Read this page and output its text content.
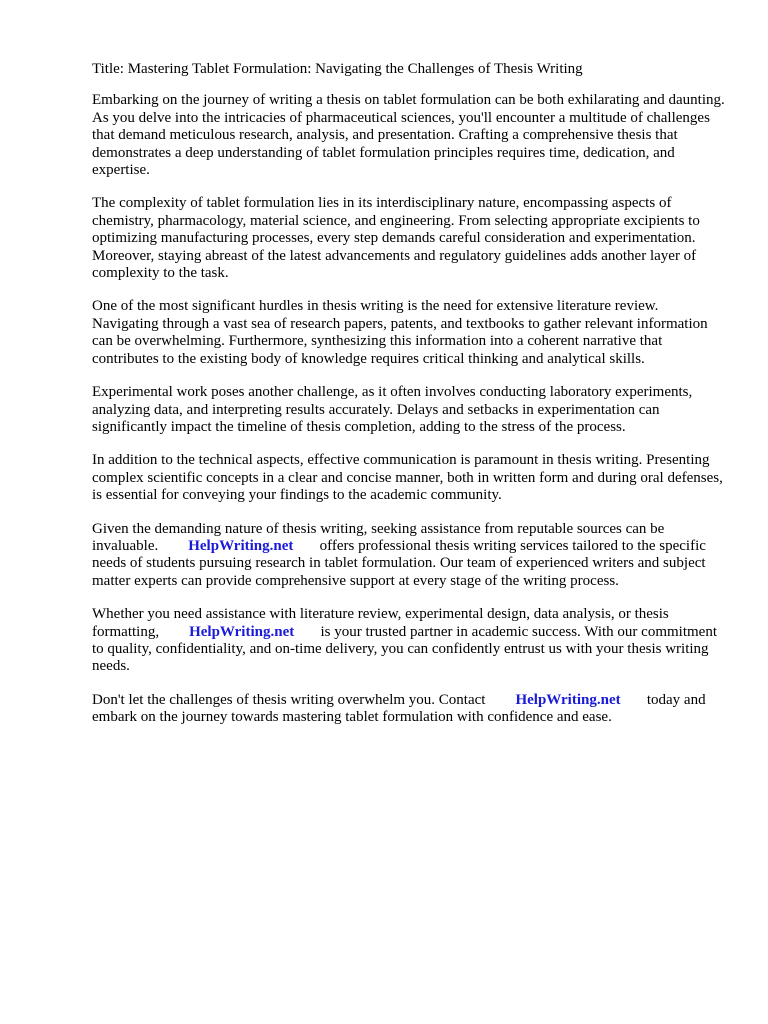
Title: Mastering Tablet Formulation: Navigating the Challenges of Thesis Writing

Embarking on the journey of writing a thesis on tablet formulation can be both exhilarating and daunting. As you delve into the intricacies of pharmaceutical sciences, you'll encounter a multitude of challenges that demand meticulous research, analysis, and presentation. Crafting a comprehensive thesis that demonstrates a deep understanding of tablet formulation principles requires time, dedication, and expertise.

The complexity of tablet formulation lies in its interdisciplinary nature, encompassing aspects of chemistry, pharmacology, material science, and engineering. From selecting appropriate excipients to optimizing manufacturing processes, every step demands careful consideration and experimentation. Moreover, staying abreast of the latest advancements and regulatory guidelines adds another layer of complexity to the task.

One of the most significant hurdles in thesis writing is the need for extensive literature review. Navigating through a vast sea of research papers, patents, and textbooks to gather relevant information can be overwhelming. Furthermore, synthesizing this information into a coherent narrative that contributes to the existing body of knowledge requires critical thinking and analytical skills.

Experimental work poses another challenge, as it often involves conducting laboratory experiments, analyzing data, and interpreting results accurately. Delays and setbacks in experimentation can significantly impact the timeline of thesis completion, adding to the stress of the process.

In addition to the technical aspects, effective communication is paramount in thesis writing. Presenting complex scientific concepts in a clear and concise manner, both in written form and during oral defenses, is essential for conveying your findings to the academic community.

Given the demanding nature of thesis writing, seeking assistance from reputable sources can be invaluable. HelpWriting.net offers professional thesis writing services tailored to the specific needs of students pursuing research in tablet formulation. Our team of experienced writers and subject matter experts can provide comprehensive support at every stage of the writing process.

Whether you need assistance with literature review, experimental design, data analysis, or thesis formatting, HelpWriting.net is your trusted partner in academic success. With our commitment to quality, confidentiality, and on-time delivery, you can confidently entrust us with your thesis writing needs.

Don't let the challenges of thesis writing overwhelm you. Contact HelpWriting.net today and embark on the journey towards mastering tablet formulation with confidence and ease.
